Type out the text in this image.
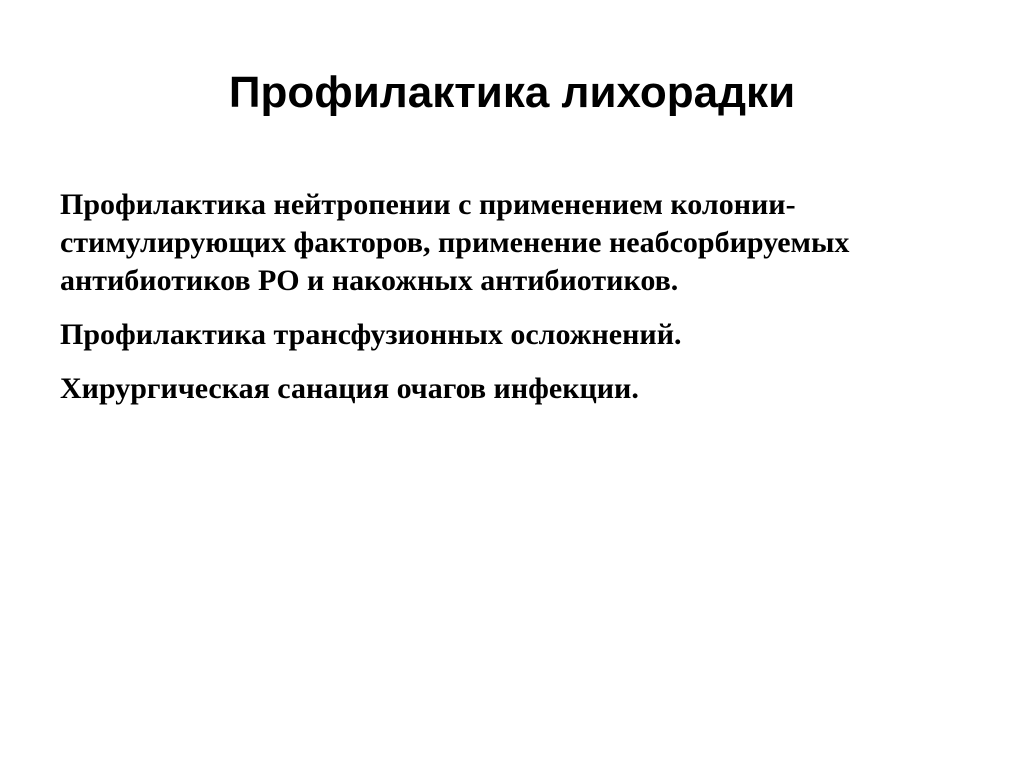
Профилактика лихорадки

Профилактика нейтропении с применением колонии-
стимулирующих факторов, применение неабсорбируемых
антибиотиков РО и накожных антибиотиков.

Профилактика трансфузионных осложнений.

Хирургическая санация очагов инфекции.
